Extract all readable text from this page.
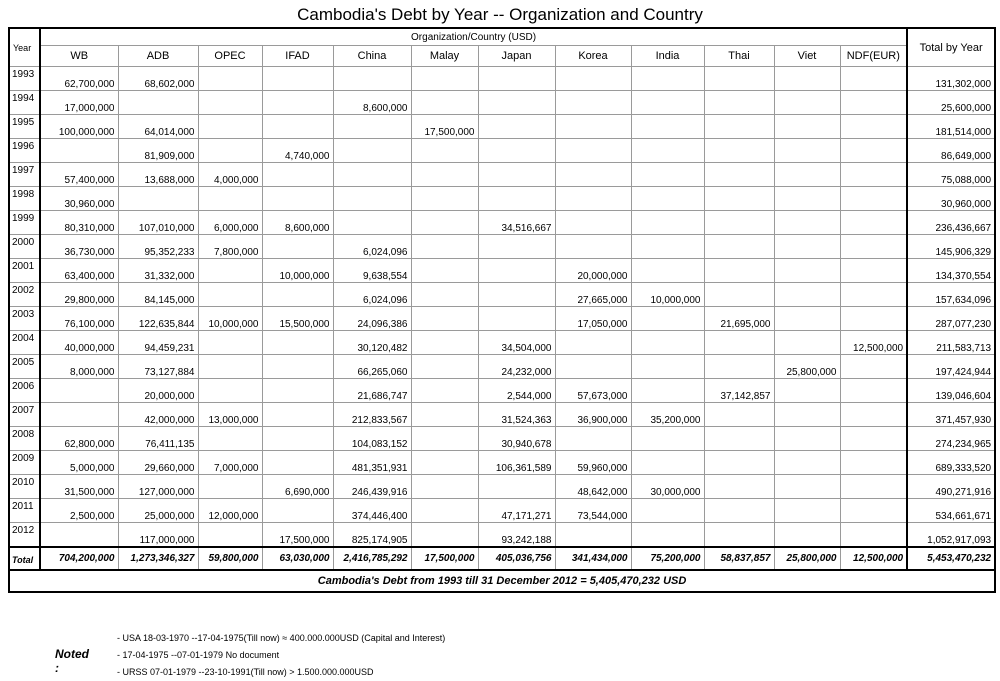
Cambodia's Debt by Year -- Organization and Country
Year	Organization/Country (USD)												Total by Year
	WB	ADB	OPEC	IFAD	China	Malay	Japan	Korea	India	Thai	Viet	NDF(EUR)	
1993	62,700,000	68,602,000											131,302,000
1994	17,000,000				8,600,000								25,600,000
1995	100,000,000	64,014,000				17,500,000							181,514,000
1996		81,909,000		4,740,000									86,649,000
1997	57,400,000	13,688,000	4,000,000										75,088,000
1998	30,960,000												30,960,000
1999	80,310,000	107,010,000	6,000,000	8,600,000			34,516,667						236,436,667
2000	36,730,000	95,352,233	7,800,000		6,024,096								145,906,329
2001	63,400,000	31,332,000		10,000,000	9,638,554			20,000,000					134,370,554
2002	29,800,000	84,145,000			6,024,096			27,665,000	10,000,000				157,634,096
2003	76,100,000	122,635,844	10,000,000	15,500,000	24,096,386			17,050,000		21,695,000			287,077,230
2004	40,000,000	94,459,231			30,120,482		34,504,000					12,500,000	211,583,713
2005	8,000,000	73,127,884			66,265,060		24,232,000				25,800,000		197,424,944
2006		20,000,000			21,686,747		2,544,000	57,673,000		37,142,857			139,046,604
2007		42,000,000	13,000,000		212,833,567		31,524,363	36,900,000	35,200,000				371,457,930
2008	62,800,000	76,411,135			104,083,152		30,940,678						274,234,965
2009	5,000,000	29,660,000	7,000,000		481,351,931		106,361,589	59,960,000					689,333,520
2010	31,500,000	127,000,000		6,690,000	246,439,916			48,642,000	30,000,000				490,271,916
2011	2,500,000	25,000,000	12,000,000		374,446,400		47,171,271	73,544,000					534,661,671
2012		117,000,000		17,500,000	825,174,905		93,242,188						1,052,917,093
Total	704,200,000	1,273,346,327	59,800,000	63,030,000	2,416,785,292	17,500,000	405,036,756	341,434,000	75,200,000	58,837,857	25,800,000	12,500,000	5,453,470,232
Cambodia's Debt from 1993 till 31 December 2012 = 5,405,470,232 USD													
Noted :
- USA 18-03-1970 --17-04-1975(Till now) ≈ 400.000.000USD (Capital and Interest)
- 17-04-1975 --07-01-1979 No document
- URSS 07-01-1979 --23-10-1991(Till now) > 1.500.000.000USD
